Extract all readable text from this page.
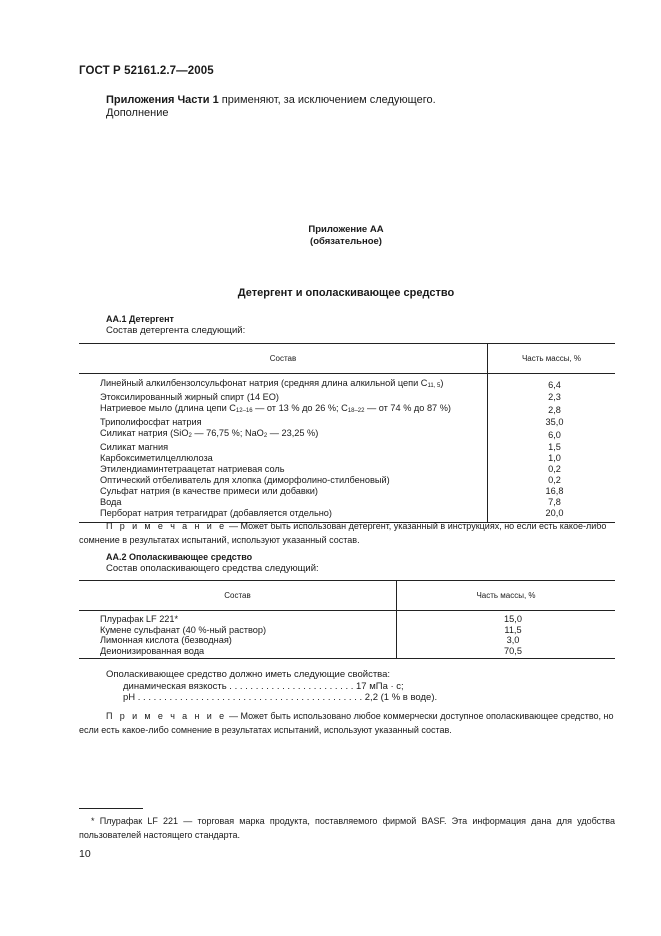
ГОСТ Р 52161.2.7—2005
Приложения Части 1 применяют, за исключением следующего.
Дополнение
Приложение АА
(обязательное)
Детергент и ополаскивающее средство
АА.1 Детергент
Состав детергента следующий:
Состав	Часть массы, %
Линейный алкилбензолсульфонат натрия (средняя длина алкильной цепи $С_{11, 5}$)	6,4
Этоксилированный жирный спирт (14 ЕО)	2,3
Натриевое мыло (длина цепи $С_{12-16}$ — от 13 % до 26 %; $С_{18-22}$ — от 74 % до 87 %)	2,8
Триполифосфат натрия	35,0
Силикат натрия (SiO$_2$ — 76,75 %; NaO$_2$ — 23,25 %)	6,0
Силикат магния	1,5
Карбоксиметилцеллюлоза	1,0
Этилендиаминтетраацетат натриевая соль	0,2
Оптический отбеливатель для хлопка (диморфолино-стилбеновый)	0,2
Сульфат натрия (в качестве примеси или добавки)	16,8
Вода	7,8
Перборат натрия тетрагидрат (добавляется отдельно)	20,0
П р и м е ч а н и е — Может быть использован детергент, указанный в инструкциях, но если есть какое-либо сомнение в результатах испытаний, используют указанный состав.
АА.2 Ополаскивающее средство
Состав ополаскивающего средства следующий:
Состав	Часть массы, %
Плурафак LF 221*	15,0
Кумене сульфанат (40 %-ный раствор)	11,5
Лимонная кислота (безводная)	3,0
Деионизированная вода	70,5
Ополаскивающее средство должно иметь следующие свойства:
динамическая вязкость . . . . . . . . . . . . . . . . . . . . . . . . 17 мПа · с;
pH . . . . . . . . . . . . . . . . . . . . . . . . . . . . . . . . . . . . . . . . . . . 2,2 (1 % в воде).
П р и м е ч а н и е — Может быть использовано любое коммерчески доступное ополаскивающее средство, но если есть какое-либо сомнение в результатах испытаний, используют указанный состав.
* Плурафак LF 221 — торговая марка продукта, поставляемого фирмой BASF. Эта информация дана для удобства пользователей настоящего стандарта.
10
